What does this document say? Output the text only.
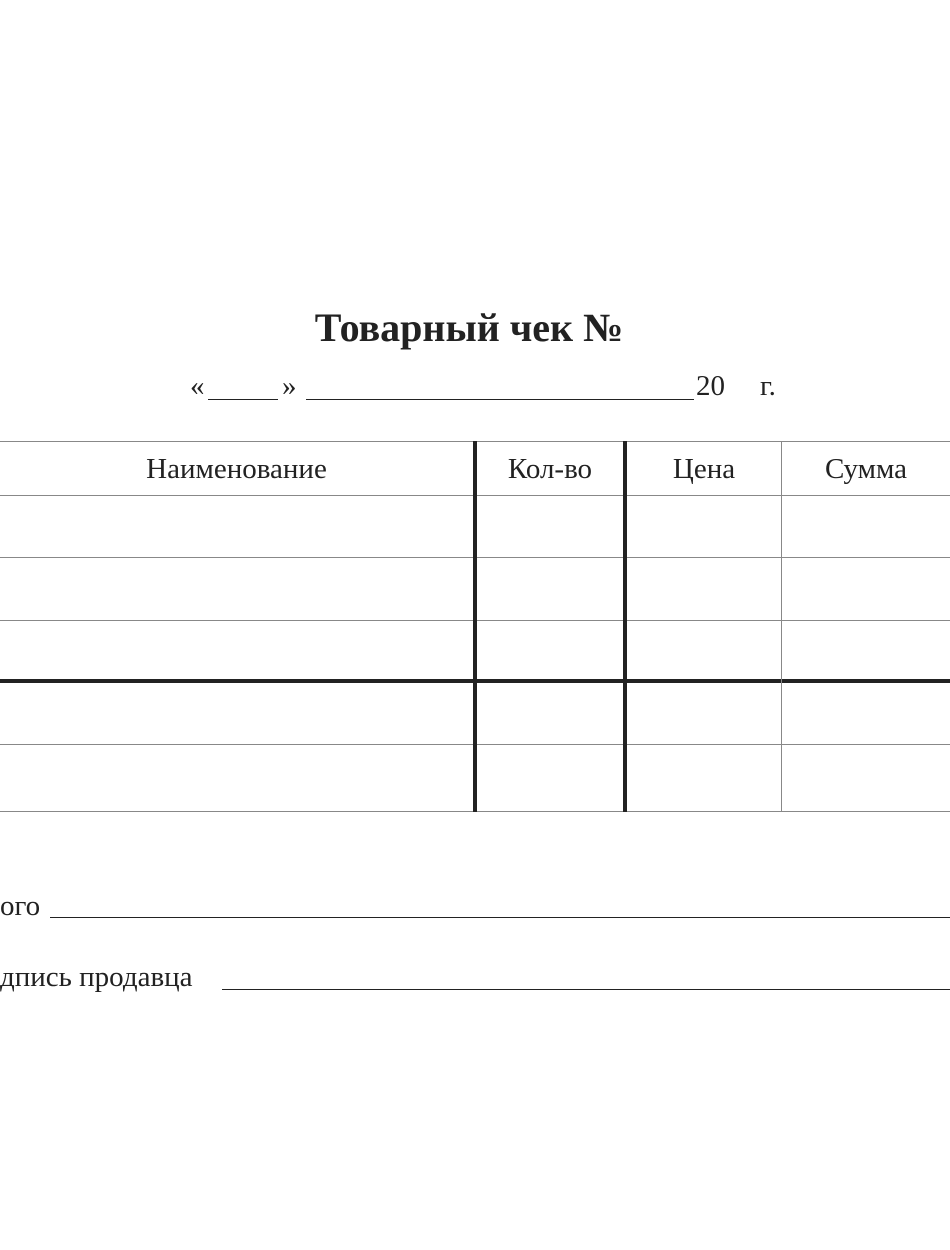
Товарный чек №
«	»	20 г.
Наименование	Кол-во	Цена	Сумма
ого
дпись продавца
